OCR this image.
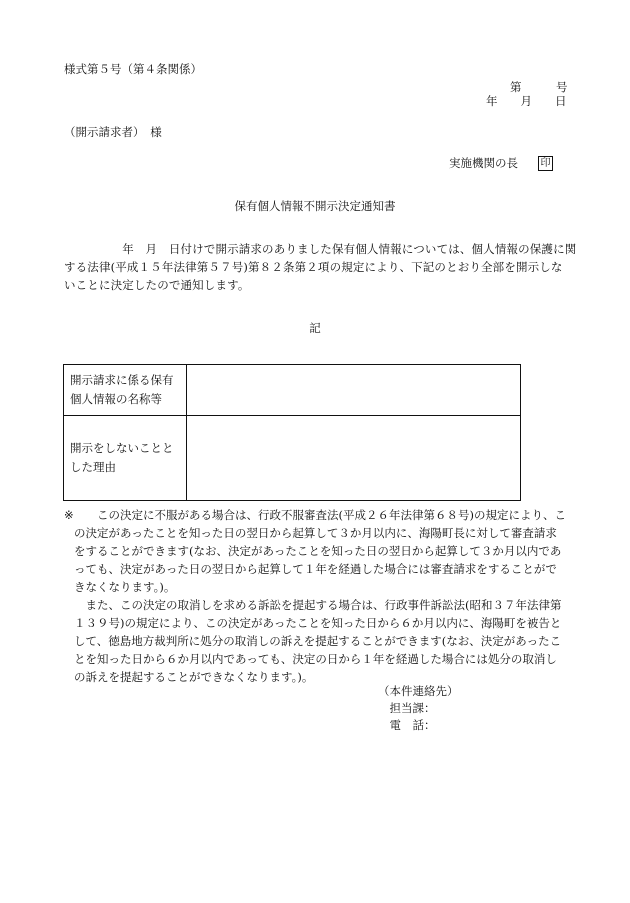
様式第５号（第４条関係）
第　　　号
年　　月　　日
（開示請求者）　様
実施機関の長 印
保有個人情報不開示決定通知書
　　　　　年　月　日付けで開示請求のありました保有個人情報については、個人情報の保護に関
する法律(平成１５年法律第５７号)第８２条第２項の規定により、下記のとおり全部を開示しな
いことに決定したので通知します。
記
開示請求に係る保有
個人情報の名称等	
開示をしないことと
した理由	
※
　　	この決定に不服がある場合は、行政不服審査法(平成２６年法律第６８号)の規定により、こ
の決定があったことを知った日の翌日から起算して３か月以内に、海陽町長に対して審査請求
をすることができます(なお、決定があったことを知った日の翌日から起算して３か月以内であ
っても、決定があった日の翌日から起算して１年を経過した場合には審査請求をすることがで
きなくなります。)。
　また、この決定の取消しを求める訴訟を提起する場合は、行政事件訴訟法(昭和３７年法律第
１３９号)の規定により、この決定があったことを知った日から６か月以内に、海陽町を被告と
して、徳島地方裁判所に処分の取消しの訴えを提起することができます(なお、決定があったこ
とを知った日から６か月以内であっても、決定の日から１年を経過した場合には処分の取消し
の訴えを提起することができなくなります。)。
（本件連絡先）
　担当課：
　電　話：
